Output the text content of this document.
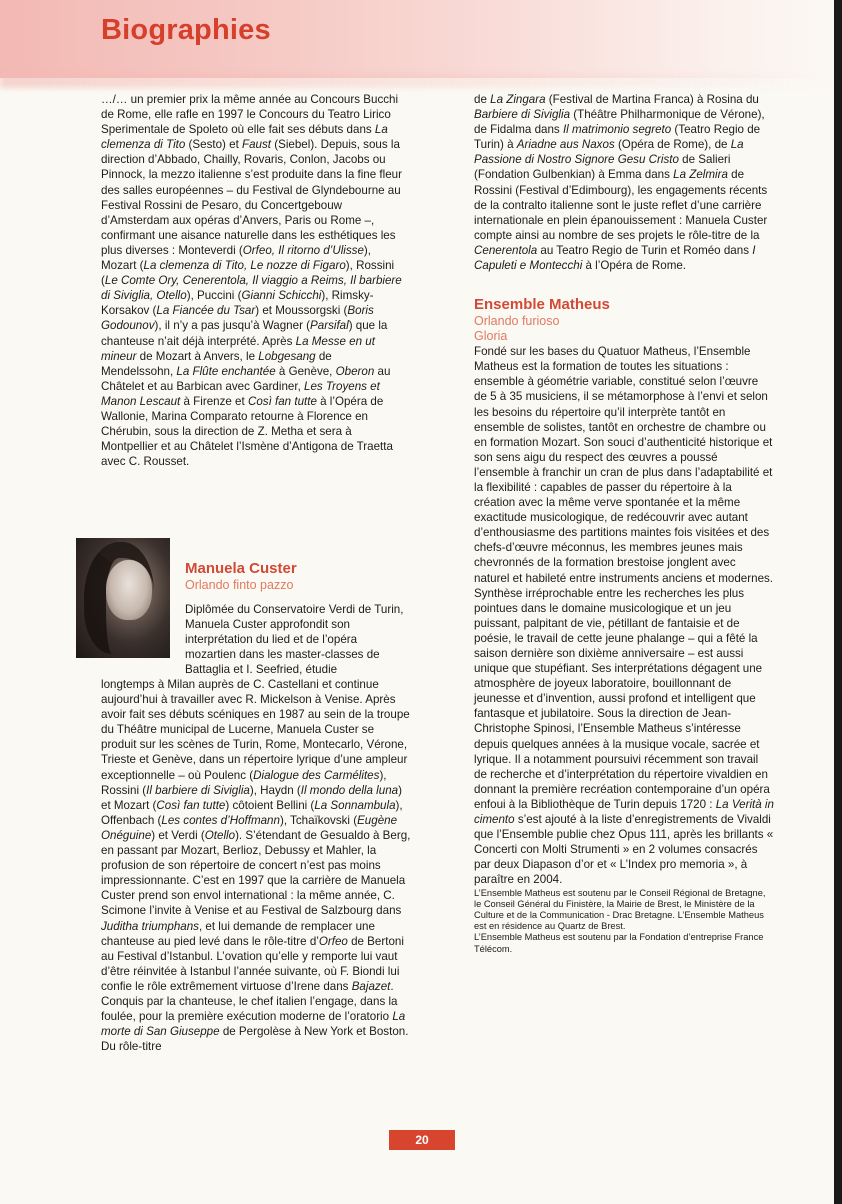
Biographies

…/… un premier prix la même année au Concours Bucchi de Rome, elle rafle en 1997 le Concours du Teatro Lirico Sperimentale de Spoleto où elle fait ses débuts dans La clemenza di Tito (Sesto) et Faust (Siebel). Depuis, sous la direction d’Abbado, Chailly, Rovaris, Conlon, Jacobs ou Pinnock, la mezzo italienne s’est produite dans la fine fleur des salles européennes – du Festival de Glyndebourne au Festival Rossini de Pesaro, du Concertgebouw d’Amsterdam aux opéras d’Anvers, Paris ou Rome –, confirmant une aisance naturelle dans les esthétiques les plus diverses : Monteverdi (Orfeo, Il ritorno d’Ulisse), Mozart (La clemenza di Tito, Le nozze di Figaro), Rossini (Le Comte Ory, Cenerentola, Il viaggio a Reims, Il barbiere di Siviglia, Otello), Puccini (Gianni Schicchi), Rimsky-Korsakov (La Fiancée du Tsar) et Moussorgski (Boris Godounov), il n’y a pas jusqu’à Wagner (Parsifal) que la chanteuse n’ait déjà interprété. Après La Messe en ut mineur de Mozart à Anvers, le Lobgesang de Mendelssohn, La Flûte enchantée à Genève, Oberon au Châtelet et au Barbican avec Gardiner, Les Troyens et Manon Lescaut à Firenze et Così fan tutte à l’Opéra de Wallonie, Marina Comparato retourne à Florence en Chérubin, sous la direction de Z. Metha et sera à Montpellier et au Châtelet l’Ismène d’Antigona de Traetta avec C. Rousset.

Manuela Custer
Orlando finto pazzo

Diplômée du Conservatoire Verdi de Turin, Manuela Custer approfondit son interprétation du lied et de l’opéra mozartien dans les master-classes de Battaglia et I. Seefried, étudie

longtemps à Milan auprès de C. Castellani et continue aujourd’hui à travailler avec R. Mickelson à Venise. Après avoir fait ses débuts scéniques en 1987 au sein de la troupe du Théâtre municipal de Lucerne, Manuela Custer se produit sur les scènes de Turin, Rome, Montecarlo, Vérone, Trieste et Genève, dans un répertoire lyrique d’une ampleur exceptionnelle – où Poulenc (Dialogue des Carmélites), Rossini (Il barbiere di Siviglia), Haydn (Il mondo della luna) et Mozart (Così fan tutte) côtoient Bellini (La Sonnambula), Offenbach (Les contes d’Hoffmann), Tchaïkovski (Eugène Onéguine) et Verdi (Otello). S’étendant de Gesualdo à Berg, en passant par Mozart, Berlioz, Debussy et Mahler, la profusion de son répertoire de concert n’est pas moins impressionnante. C’est en 1997 que la carrière de Manuela Custer prend son envol international : la même année, C. Scimone l’invite à Venise et au Festival de Salzbourg dans Juditha triumphans, et lui demande de remplacer une chanteuse au pied levé dans le rôle-titre d’Orfeo de Bertoni au Festival d’Istanbul. L’ovation qu’elle y remporte lui vaut d’être réinvitée à Istanbul l’année suivante, où F. Biondi lui confie le rôle extrêmement virtuose d’Irene dans Bajazet. Conquis par la chanteuse, le chef italien l’engage, dans la foulée, pour la première exécution moderne de l’oratorio La morte di San Giuseppe de Pergolèse à New York et Boston. Du rôle-titre

de La Zingara (Festival de Martina Franca) à Rosina du Barbiere di Siviglia (Théâtre Philharmonique de Vérone), de Fidalma dans Il matrimonio segreto (Teatro Regio de Turin) à Ariadne aus Naxos (Opéra de Rome), de La Passione di Nostro Signore Gesu Cristo de Salieri (Fondation Gulbenkian) à Emma dans La Zelmira de Rossini (Festival d’Edimbourg), les engagements récents de la contralto italienne sont le juste reflet d’une carrière internationale en plein épanouissement : Manuela Custer compte ainsi au nombre de ses projets le rôle-titre de la Cenerentola au Teatro Regio de Turin et Roméo dans I Capuleti e Montecchi à l’Opéra de Rome.

Ensemble Matheus
Orlando furioso
Gloria

Fondé sur les bases du Quatuor Matheus, l’Ensemble Matheus est la formation de toutes les situations : ensemble à géométrie variable, constitué selon l’œuvre de 5 à 35 musiciens, il se métamorphose à l’envi et selon les besoins du répertoire qu’il interprète tantôt en ensemble de solistes, tantôt en orchestre de chambre ou en formation Mozart. Son souci d’authenticité historique et son sens aigu du respect des œuvres a poussé l’ensemble à franchir un cran de plus dans l’adaptabilité et la flexibilité : capables de passer du répertoire à la création avec la même verve spontanée et la même exactitude musicologique, de redécouvrir avec autant d’enthousiasme des partitions maintes fois visitées et des chefs-d’œuvre méconnus, les membres jeunes mais chevronnés de la formation brestoise jonglent avec naturel et habileté entre instruments anciens et modernes. Synthèse irréprochable entre les recherches les plus pointues dans le domaine musicologique et un jeu puissant, palpitant de vie, pétillant de fantaisie et de poésie, le travail de cette jeune phalange – qui a fêté la saison dernière son dixième anniversaire – est aussi unique que stupéfiant. Ses interprétations dégagent une atmosphère de joyeux laboratoire, bouillonnant de jeunesse et d’invention, aussi profond et intelligent que fantasque et jubilatoire. Sous la direction de Jean-Christophe Spinosi, l’Ensemble Matheus s’intéresse depuis quelques années à la musique vocale, sacrée et lyrique. Il a notamment poursuivi récemment son travail de recherche et d’interprétation du répertoire vivaldien en donnant la première recréation contemporaine d’un opéra enfoui à la Bibliothèque de Turin depuis 1720 : La Verità in cimento s’est ajouté à la liste d’enregistrements de Vivaldi que l’Ensemble publie chez Opus 111, après les brillants « Concerti con Molti Strumenti » en 2 volumes consacrés par deux Diapason d’or et « L’Index pro memoria », à paraître en 2004.

L’Ensemble Matheus est soutenu par le Conseil Régional de Bretagne, le Conseil Général du Finistère, la Mairie de Brest, le Ministère de la Culture et de la Communication - Drac Bretagne. L’Ensemble Matheus est en résidence au Quartz de Brest.

L’Ensemble Matheus est soutenu par la Fondation d’entreprise France Télécom.

20
